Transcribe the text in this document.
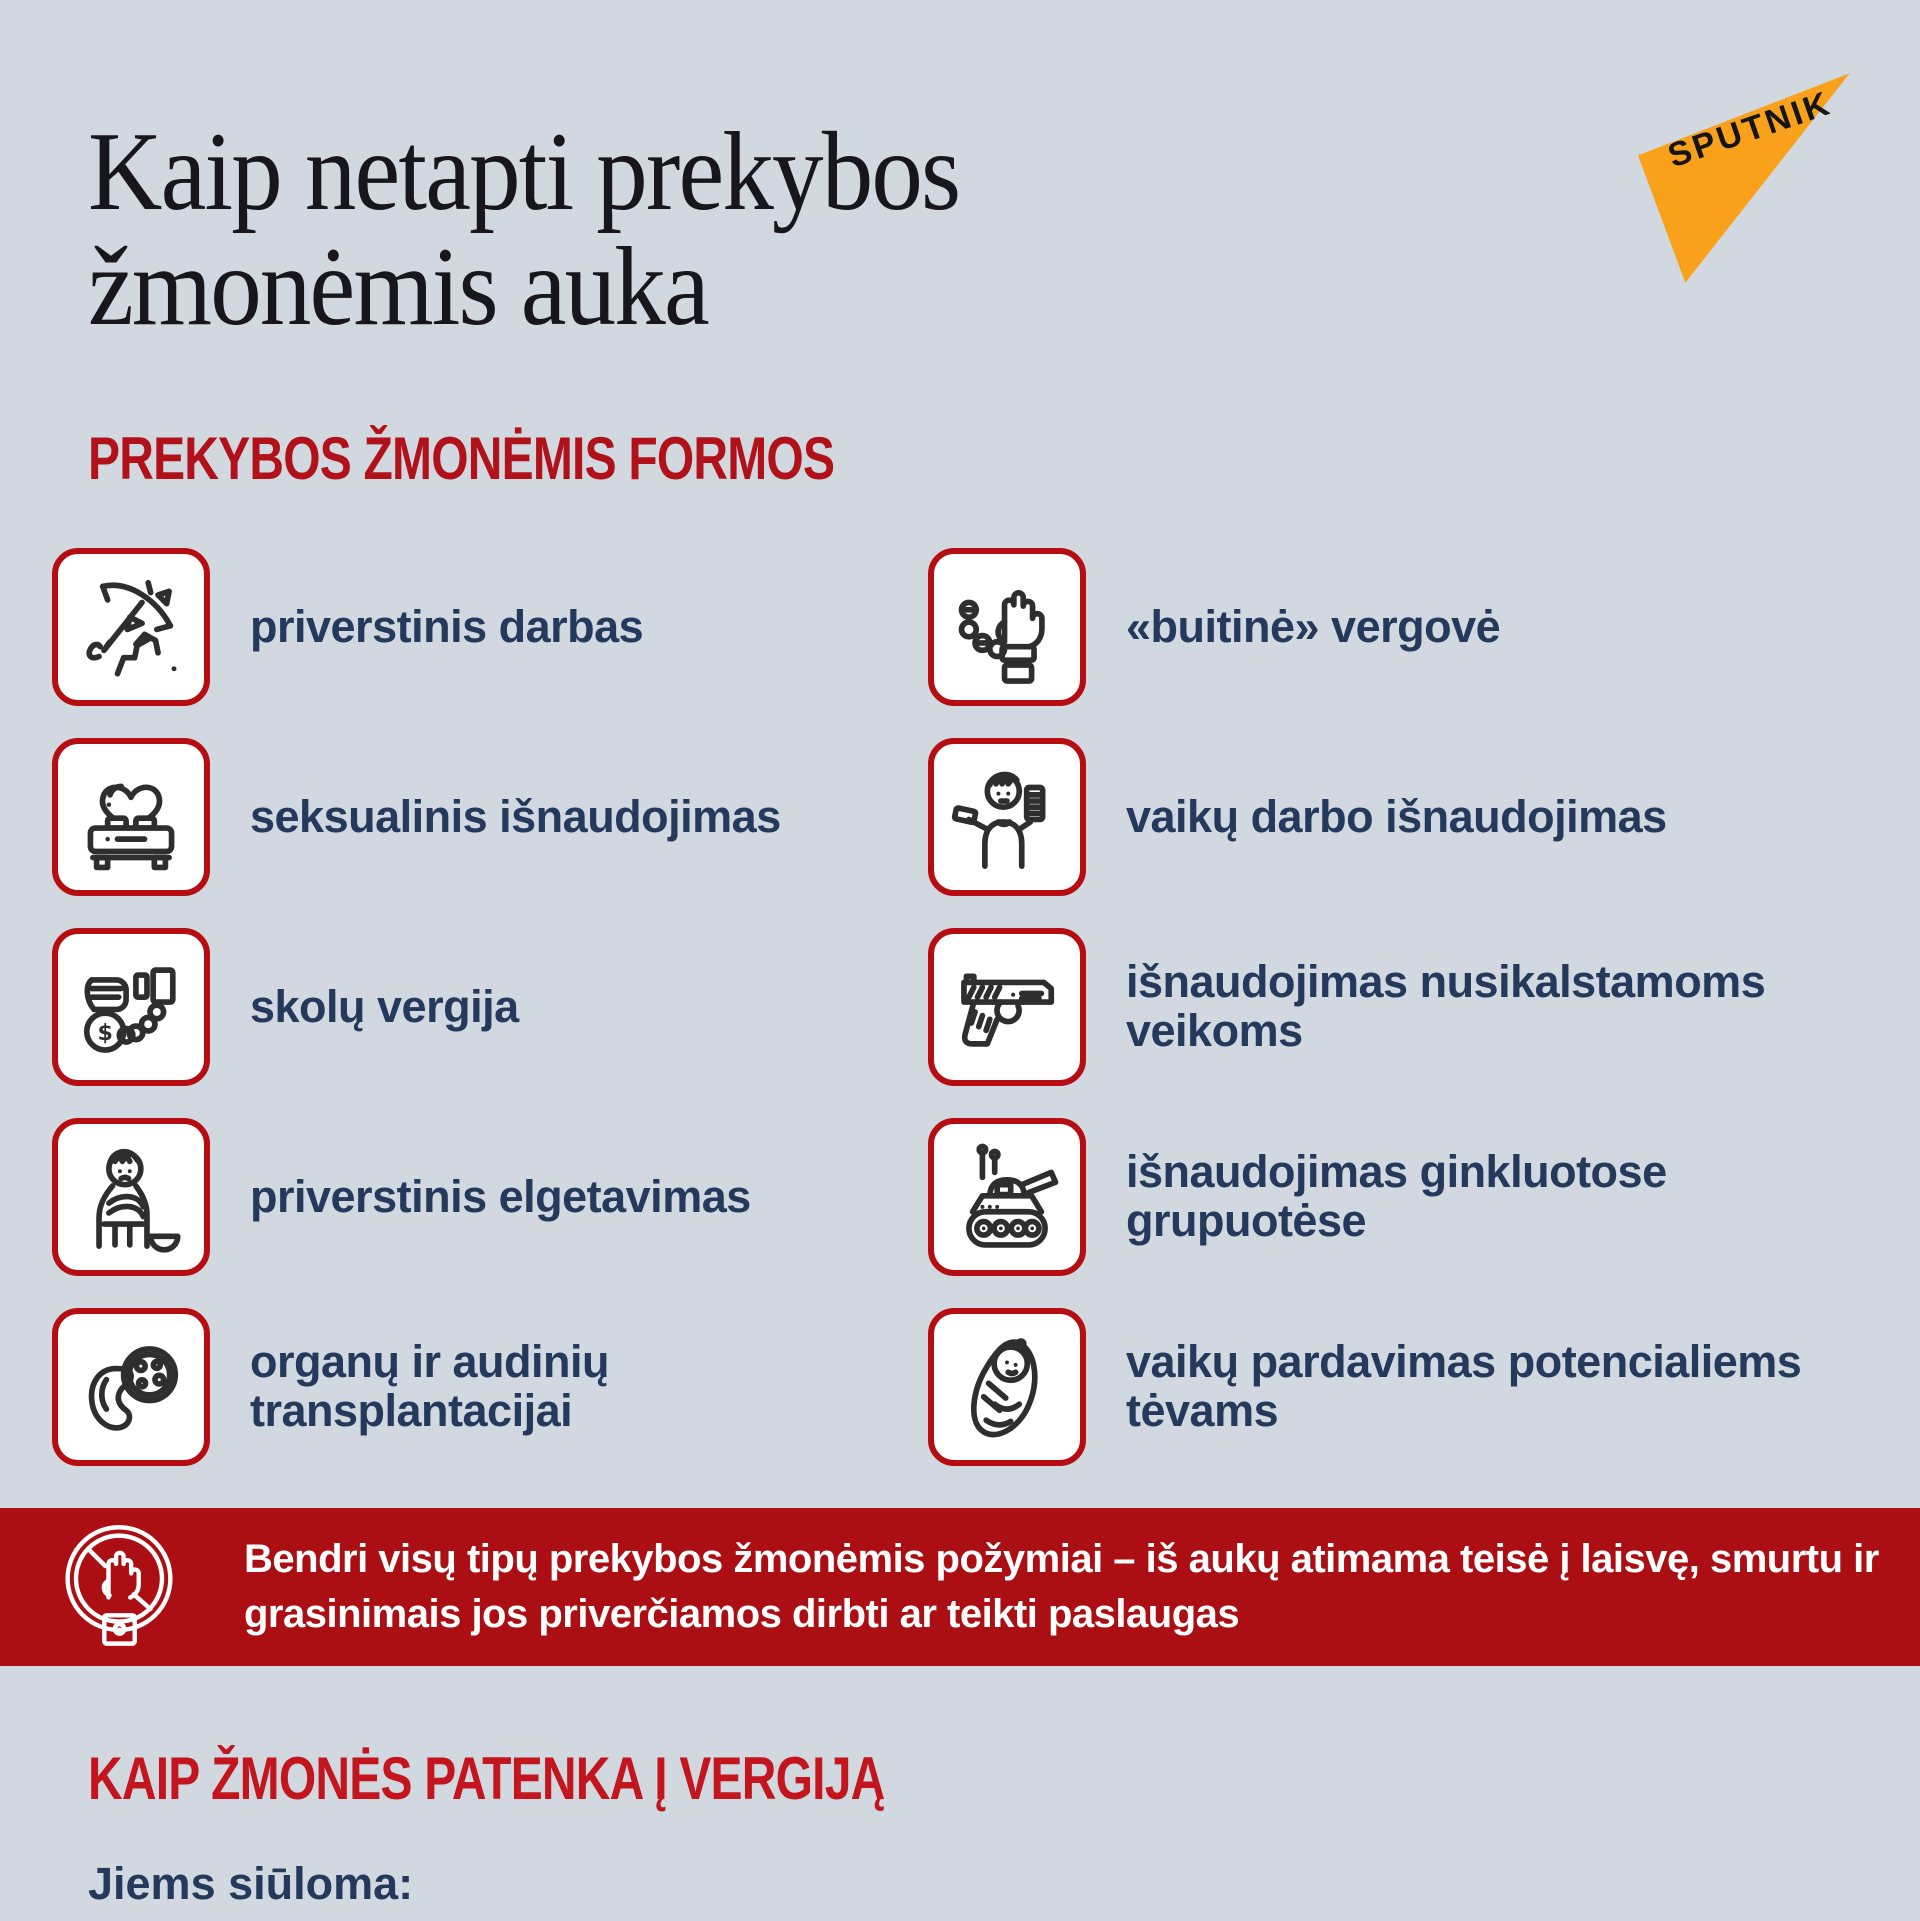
Kaip netapti prekybos žmonėmis auka
SPUTNIK
PREKYBOS ŽMONĖMIS FORMOS
priverstinis darbas	«buitinė» vergovė
seksualinis išnaudojimas	vaikų darbo išnaudojimas
$
skolų vergija	išnaudojimas nusikalstamoms veikoms
priverstinis elgetavimas	išnaudojimas ginkluotose grupuotėse
organų ir audinių transplantacijai
vaikų pardavimas potencialiems tėvams
Bendri visų tipų prekybos žmonėmis požymiai – iš aukų atimama teisė į laisvę, smurtu ir grasinimais jos priverčiamos dirbti ar teikti paslaugas
KAIP ŽMONĖS PATENKA Į VERGIJĄ
Jiems siūloma:
